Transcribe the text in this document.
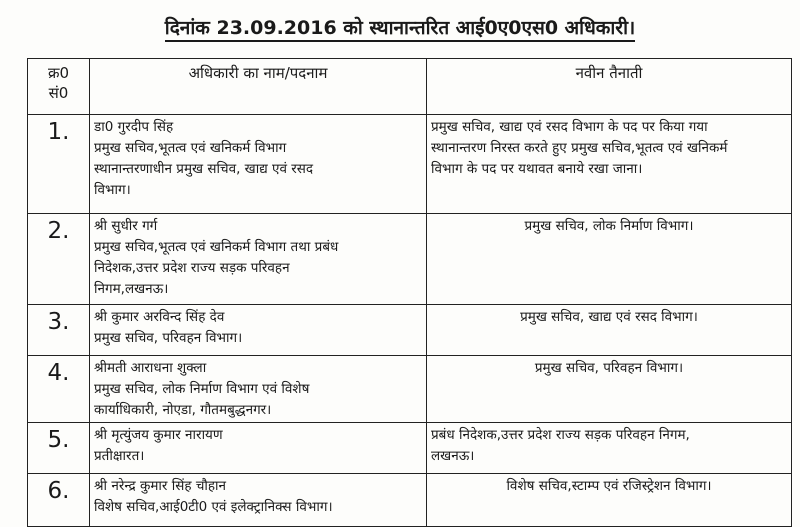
दिनांक 23.09.2016 को स्थानान्तरित आई0ए0एस0 अधिकारी।
क्र0
सं0	अधिकारी का नाम/पदनाम	नवीन तैनाती
1.	डा0 गुरदीप सिंह
प्रमुख सचिव,भूतत्व एवं खनिकर्म विभाग
स्थानान्तरणाधीन प्रमुख सचिव, खाद्य एवं रसद
विभाग।	प्रमुख सचिव, खाद्य एवं रसद विभाग के पद पर किया गया
स्थानान्तरण निरस्त करते हुए प्रमुख सचिव,भूतत्व एवं खनिकर्म
विभाग के पद पर यथावत बनाये रखा जाना।

2.	श्री सुधीर गर्ग
प्रमुख सचिव,भूतत्व एवं खनिकर्म विभाग तथा प्रबंध
निदेशक,उत्तर प्रदेश राज्य सड़क परिवहन
निगम,लखनऊ।	प्रमुख सचिव, लोक निर्माण विभाग।

3.	श्री कुमार अरविन्द सिंह देव
प्रमुख सचिव, परिवहन विभाग।	प्रमुख सचिव, खाद्य एवं रसद विभाग।

4.	श्रीमती आराधना शुक्ला
प्रमुख सचिव, लोक निर्माण विभाग एवं विशेष
कार्याधिकारी, नोएडा, गौतमबुद्धनगर।	प्रमुख सचिव, परिवहन विभाग।

5.	श्री मृत्युंजय कुमार नारायण
प्रतीक्षारत।	प्रबंध निदेशक,उत्तर प्रदेश राज्य सड़क परिवहन निगम,
लखनऊ।

6.	श्री नरेन्द्र कुमार सिंह चौहान
विशेष सचिव,आई0टी0 एवं इलेक्ट्रानिक्स विभाग।	विशेष सचिव,स्टाम्प एवं रजिस्ट्रेशन विभाग।
